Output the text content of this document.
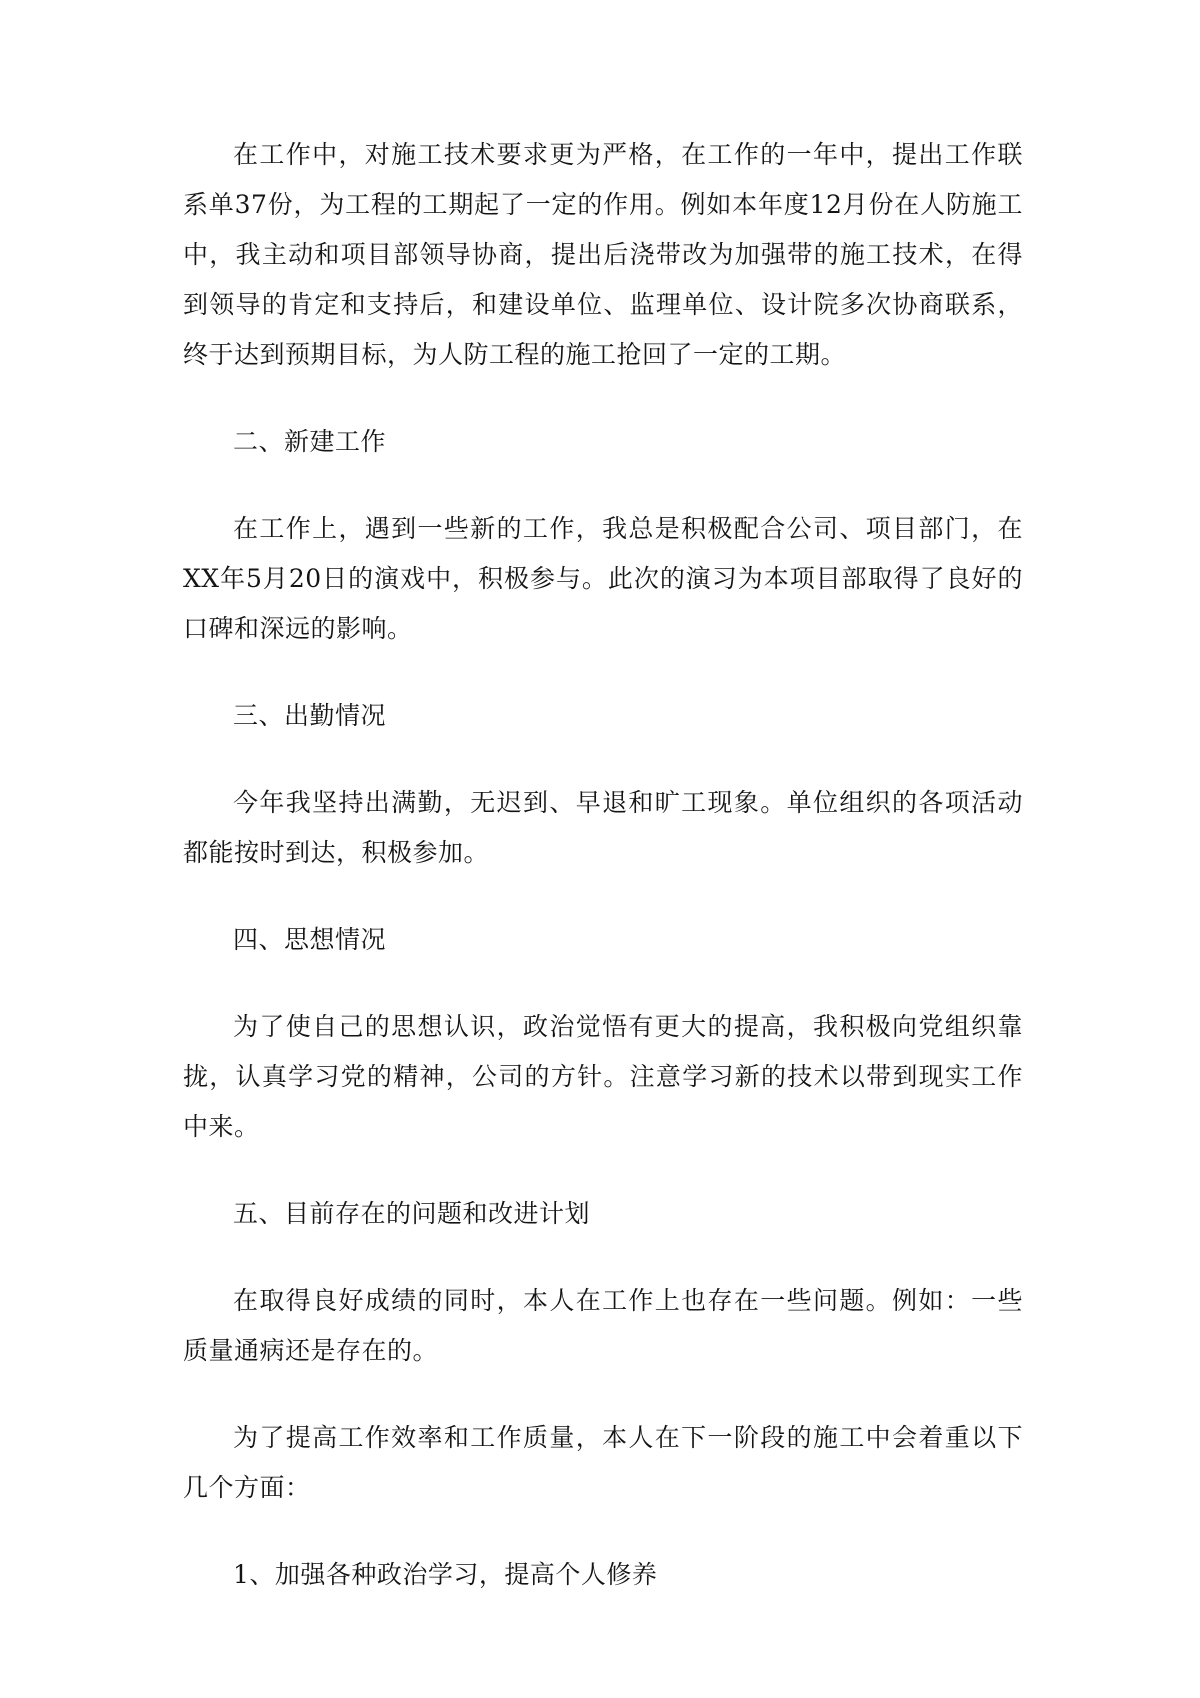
在工作中，对施工技术要求更为严格，在工作的一年中，提出工作联系单37份，为工程的工期起了一定的作用。例如本年度12月份在人防施工中，我主动和项目部领导协商，提出后浇带改为加强带的施工技术，在得到领导的肯定和支持后，和建设单位、监理单位、设计院多次协商联系，终于达到预期目标，为人防工程的施工抢回了一定的工期。

二、新建工作

在工作上，遇到一些新的工作，我总是积极配合公司、项目部门，在XX年5月20日的演戏中，积极参与。此次的演习为本项目部取得了良好的口碑和深远的影响。

三、出勤情况

今年我坚持出满勤，无迟到、早退和旷工现象。单位组织的各项活动都能按时到达，积极参加。

四、思想情况

为了使自己的思想认识，政治觉悟有更大的提高，我积极向党组织靠拢，认真学习党的精神，公司的方针。注意学习新的技术以带到现实工作中来。

五、目前存在的问题和改进计划

在取得良好成绩的同时，本人在工作上也存在一些问题。例如：一些质量通病还是存在的。

为了提高工作效率和工作质量，本人在下一阶段的施工中会着重以下几个方面：

1、加强各种政治学习，提高个人修养
